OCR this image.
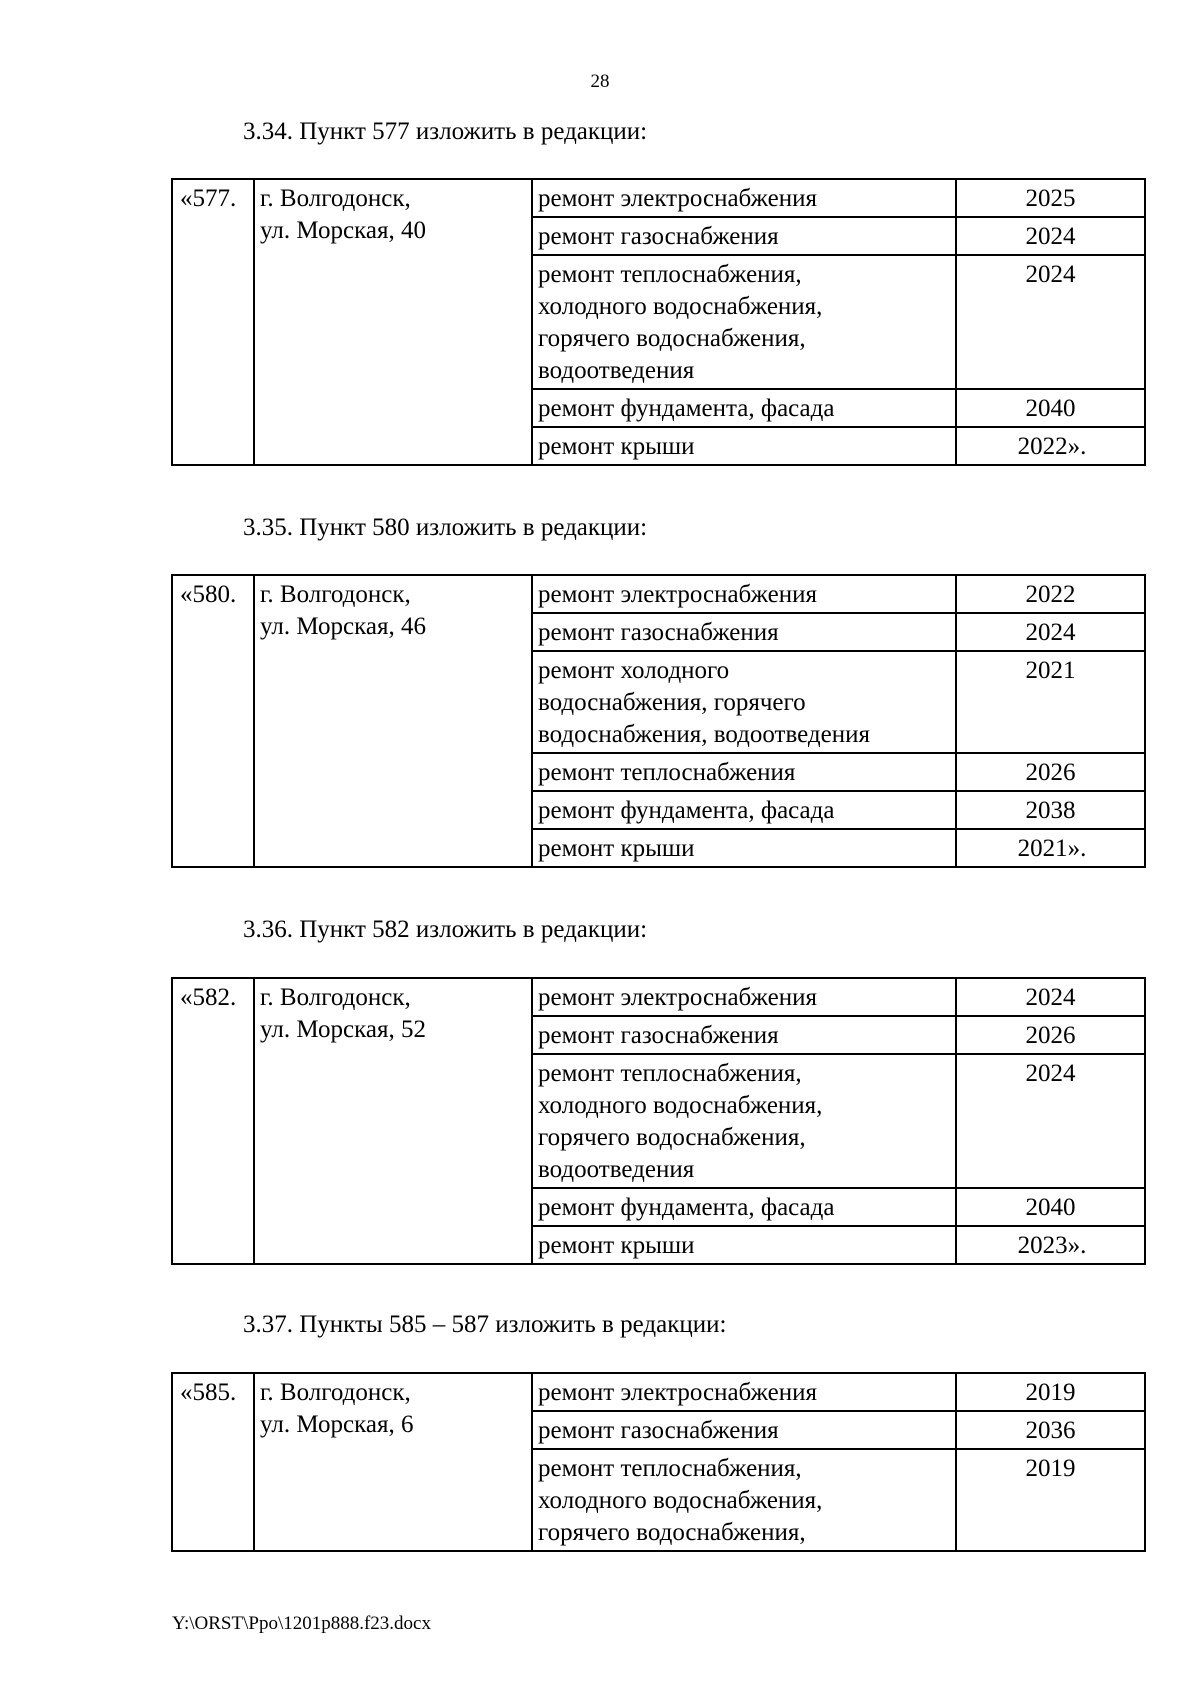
28
3.34. Пункт 577 изложить в редакции:
«577.	г. Волгодонск,
ул. Морская, 40	ремонт электроснабжения	2025

		ремонт газоснабжения	2024

		ремонт теплоснабжения,
холодного водоснабжения,
горячего водоснабжения,
водоотведения	2024

		ремонт фундамента, фасада	2040

		ремонт крыши	2022».
3.35. Пункт 580 изложить в редакции:
«580.	г. Волгодонск,
ул. Морская, 46	ремонт электроснабжения	2022

		ремонт газоснабжения	2024

		ремонт холодного
водоснабжения, горячего
водоснабжения, водоотведения	2021

		ремонт теплоснабжения	2026

		ремонт фундамента, фасада	2038

		ремонт крыши	2021».
3.36. Пункт 582 изложить в редакции:
«582.	г. Волгодонск,
ул. Морская, 52	ремонт электроснабжения	2024

		ремонт газоснабжения	2026

		ремонт теплоснабжения,
холодного водоснабжения,
горячего водоснабжения,
водоотведения	2024

		ремонт фундамента, фасада	2040

		ремонт крыши	2023».
3.37. Пункты 585 – 587 изложить в редакции:
«585.	г. Волгодонск,
ул. Морская, 6	ремонт электроснабжения	2019

		ремонт газоснабжения	2036

		ремонт теплоснабжения,
холодного водоснабжения,
горячего водоснабжения,	2019
Y:\ORST\Ppo\1201p888.f23.docx
